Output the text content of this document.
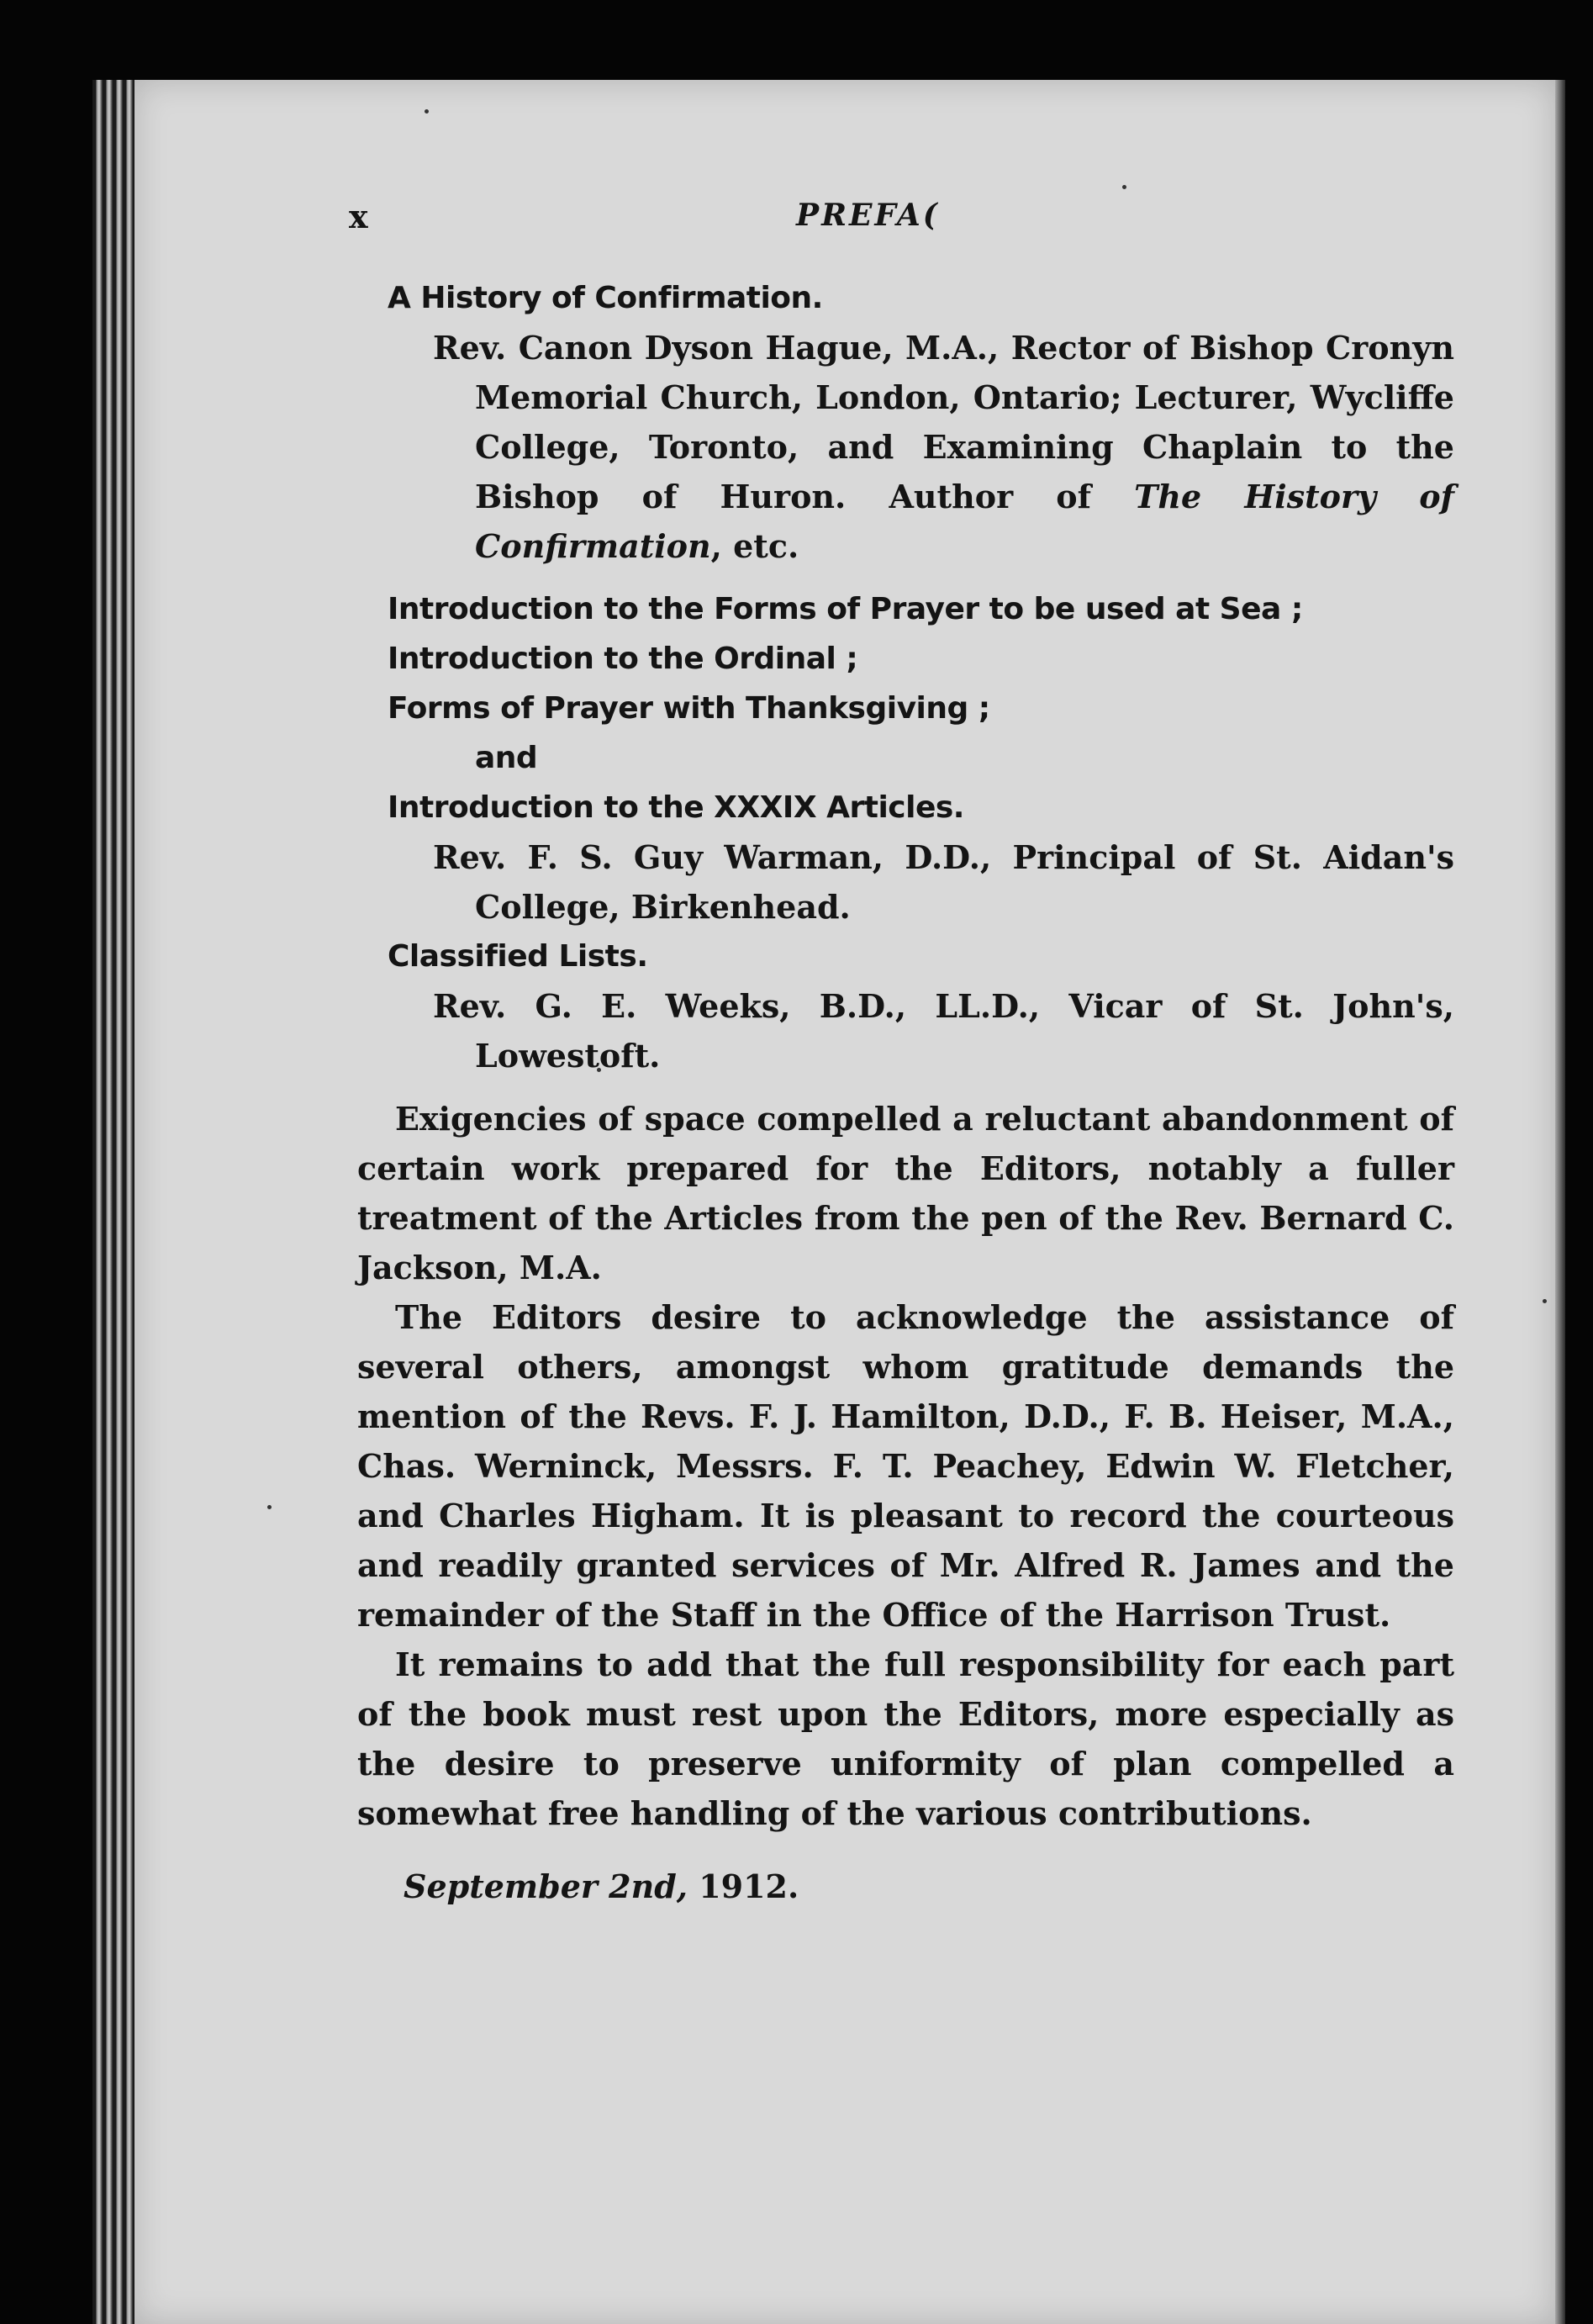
x	PREFA(
A History of Confirmation.
Rev. Canon Dyson Hague, M.A., Rector of Bishop Cronyn Memorial Church, London, Ontario; Lecturer, Wycliffe College, Toronto, and Examining Chaplain to the Bishop of Huron. Author of The History of Confirmation, etc.
Introduction to the Forms of Prayer to be used at Sea ;
Introduction to the Ordinal ;
Forms of Prayer with Thanksgiving ;
and
Introduction to the XXXIX Articles.
Rev. F. S. Guy Warman, D.D., Principal of St. Aidan's College, Birkenhead.
Classified Lists.
Rev. G. E. Weeks, B.D., LL.D., Vicar of St. John's, Lowestoft.

Exigencies of space compelled a reluctant abandonment of certain work prepared for the Editors, notably a fuller treatment of the Articles from the pen of the Rev. Bernard C. Jackson, M.A.

The Editors desire to acknowledge the assistance of several others, amongst whom gratitude demands the mention of the Revs. F. J. Hamilton, D.D., F. B. Heiser, M.A., Chas. Werninck, Messrs. F. T. Peachey, Edwin W. Fletcher, and Charles Higham. It is pleasant to record the courteous and readily granted services of Mr. Alfred R. James and the remainder of the Staff in the Office of the Harrison Trust.

It remains to add that the full responsibility for each part of the book must rest upon the Editors, more especially as the desire to preserve uniformity of plan compelled a somewhat free handling of the various contributions.

September 2nd, 1912.
